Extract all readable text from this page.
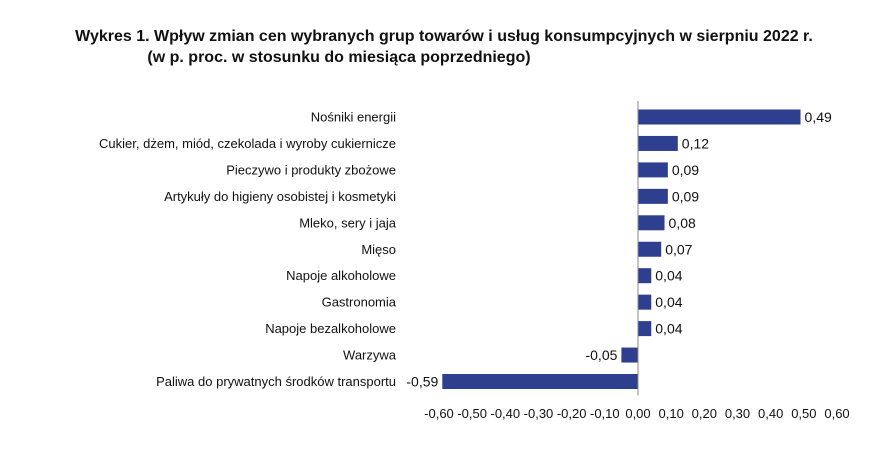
Wykres 1. Wpływ zmian cen wybranych grup towarów i usług konsumpcyjnych w sierpniu 2022 r.
(w p. proc. w stosunku do miesiąca poprzedniego)
Nośniki energii	0,49
Cukier, dżem, miód, czekolada i wyroby cukiernicze	0,12
Pieczywo i produkty zbożowe	0,09
Artykuły do higieny osobistej i kosmetyki	0,09
Mleko, sery i jaja	0,08
Mięso	0,07
Napoje alkoholowe	0,04
Gastronomia	0,04
Napoje bezalkoholowe	0,04
Warzywa	-0,05
Paliwa do prywatnych środków transportu -0,59
-0,60 -0,50 -0,40 -0,30 -0,20 -0,10 0,00 0,10 0,20 0,30 0,40 0,50 0,60
